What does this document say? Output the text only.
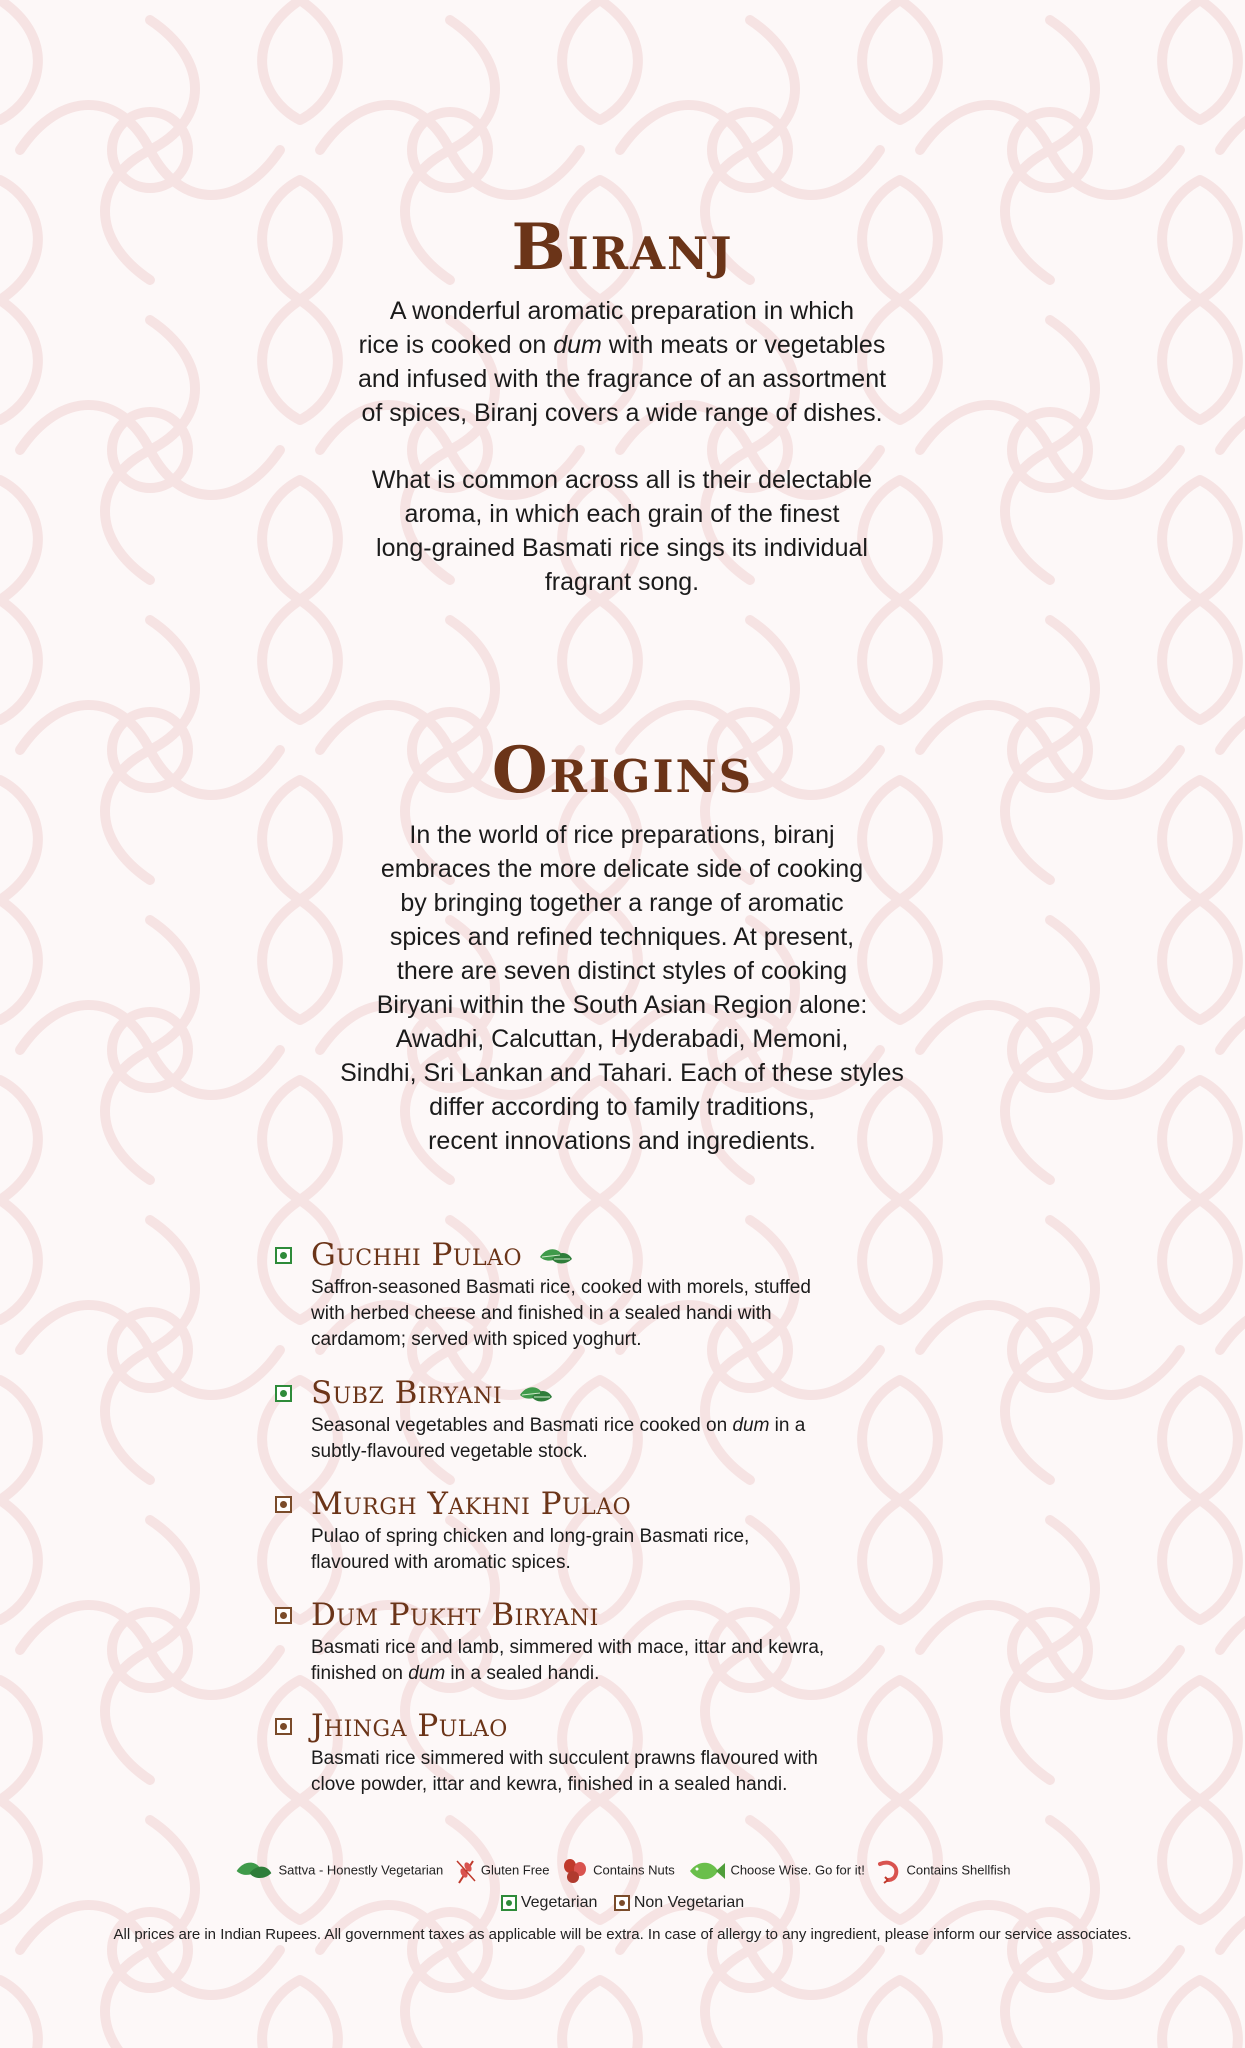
Biranj

A wonderful aromatic preparation in which
rice is cooked on dum with meats or vegetables
and infused with the fragrance of an assortment
of spices, Biranj covers a wide range of dishes.

What is common across all is their delectable
aroma, in which each grain of the finest
long-grained Basmati rice sings its individual
fragrant song.

Origins

In the world of rice preparations, biranj
embraces the more delicate side of cooking
by bringing together a range of aromatic
spices and refined techniques. At present,
there are seven distinct styles of cooking
Biryani within the South Asian Region alone:
Awadhi, Calcuttan, Hyderabadi, Memoni,
Sindhi, Sri Lankan and Tahari. Each of these styles
differ according to family traditions,
recent innovations and ingredients.

Guchhi Pulao
Saffron-seasoned Basmati rice, cooked with morels, stuffed
with herbed cheese and finished in a sealed handi with
cardamom; served with spiced yoghurt.
Subz Biryani
Seasonal vegetables and Basmati rice cooked on dum in a
subtly-flavoured vegetable stock.
Murgh Yakhni Pulao
Pulao of spring chicken and long-grain Basmati rice,
flavoured with aromatic spices.
Dum Pukht Biryani
Basmati rice and lamb, simmered with mace, ittar and kewra,
finished on dum in a sealed handi.
Jhinga Pulao
Basmati rice simmered with succulent prawns flavoured with
clove powder, ittar and kewra, finished in a sealed handi.
Sattva - Honestly Vegetarian	Gluten Free	Contains Nuts	Choose Wise. Go for it!	Contains Shellfish
Vegetarian Non Vegetarian
All prices are in Indian Rupees. All government taxes as applicable will be extra. In case of allergy to any ingredient, please inform our service associates.
